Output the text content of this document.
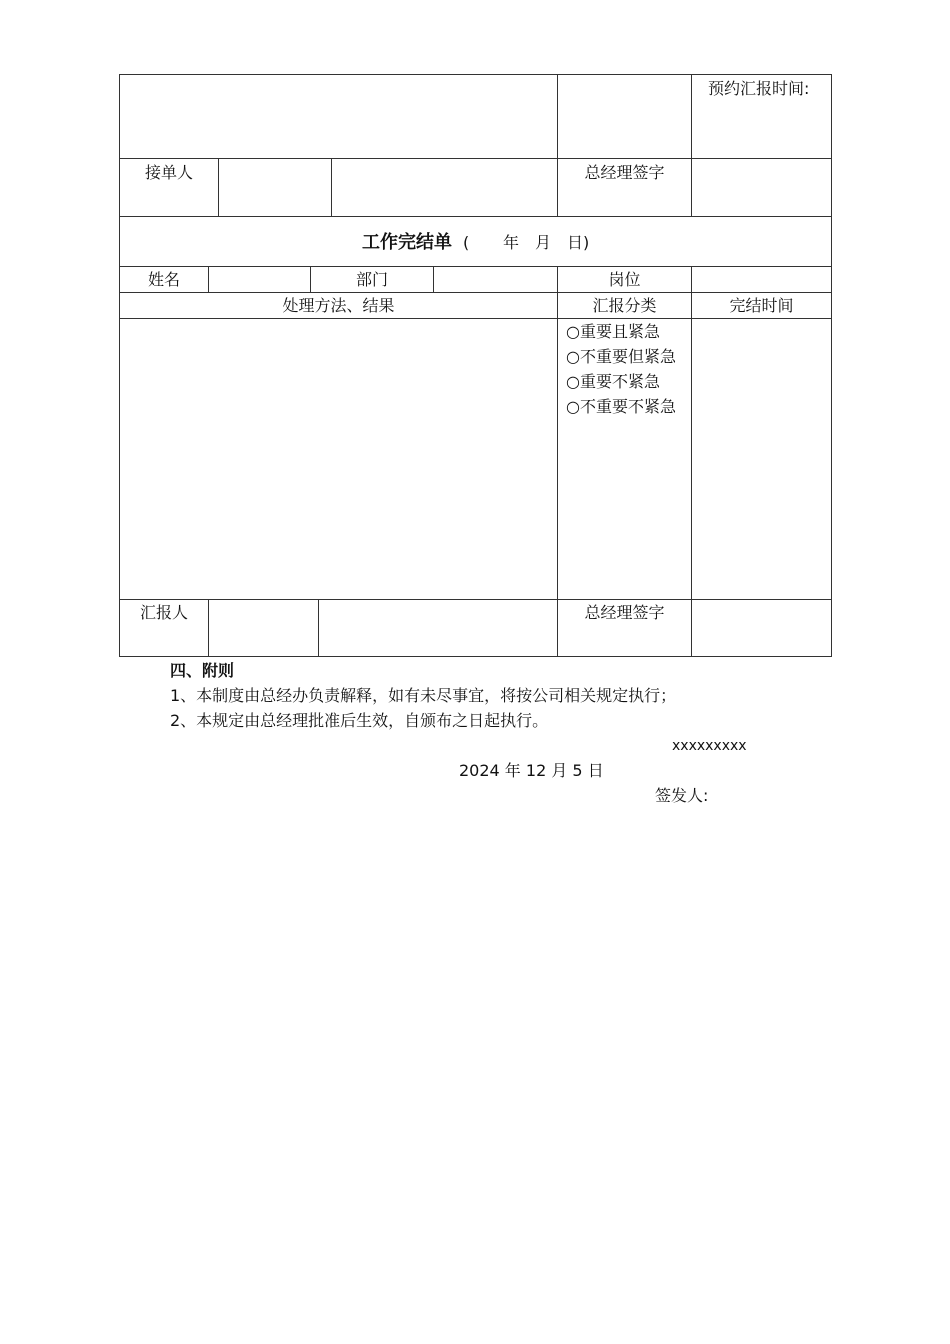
预约汇报时间:
接单人	总经理签字
工作完结单 ( 年 月 日)
姓名	部门	岗位
处理方法、结果	汇报分类	完结时间
○重要且紧急
○不重要但紧急
○重要不紧急
○不重要不紧急
汇报人	总经理签字
四、附则
1、本制度由总经办负责解释，如有未尽事宜，将按公司相关规定执行；
2、本规定由总经理批准后生效，自颁布之日起执行。
xxxxxxxxx
2024 年 12 月 5 日
签发人:
